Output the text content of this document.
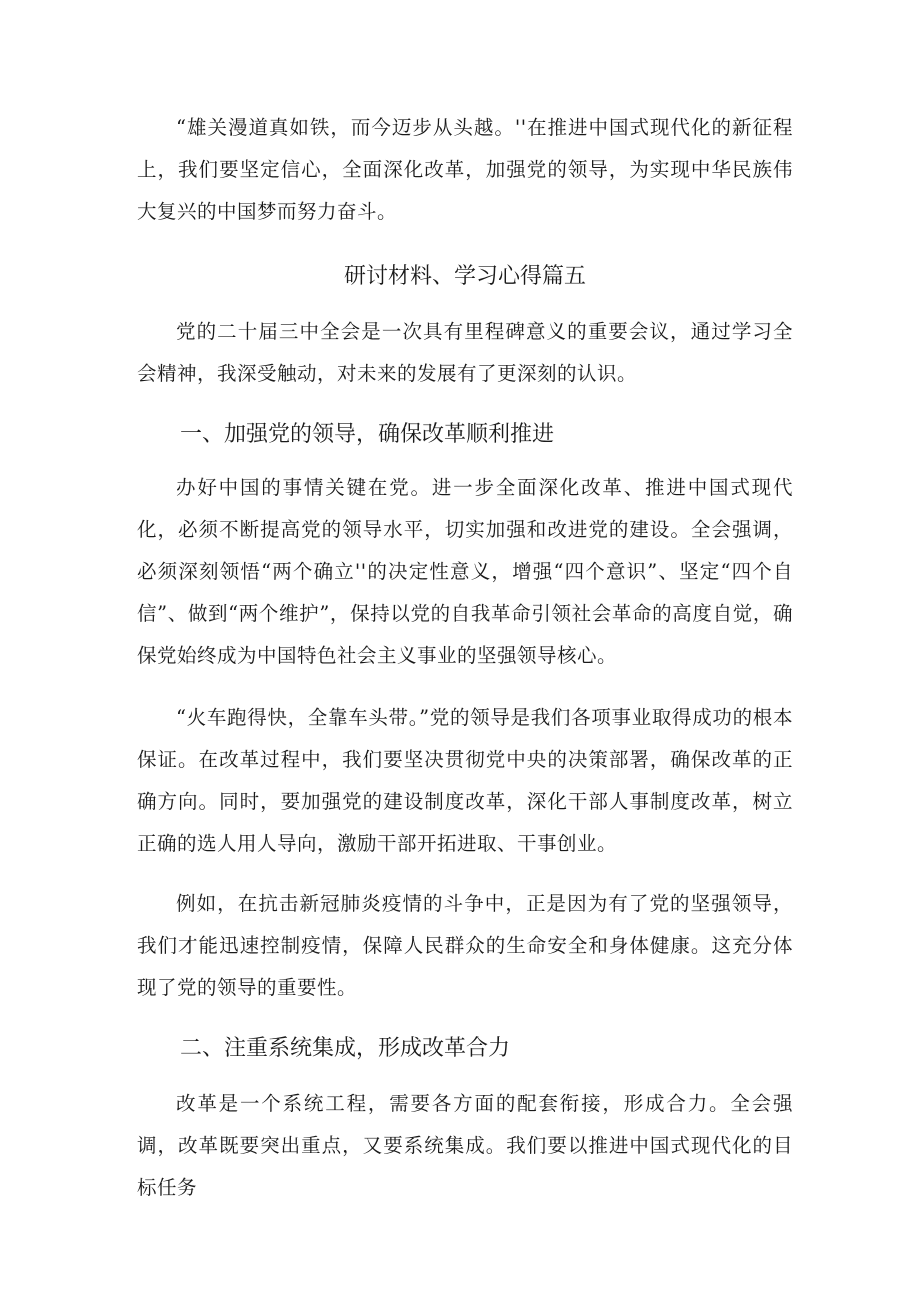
“雄关漫道真如铁，而今迈步从头越。''在推进中国式现代化的新征程上，我们要坚定信心，全面深化改革，加强党的领导，为实现中华民族伟大复兴的中国梦而努力奋斗。

研讨材料、学习心得篇五

党的二十届三中全会是一次具有里程碑意义的重要会议，通过学习全会精神，我深受触动，对未来的发展有了更深刻的认识。

一、加强党的领导，确保改革顺利推进

办好中国的事情关键在党。进一步全面深化改革、推进中国式现代化，必须不断提高党的领导水平，切实加强和改进党的建设。全会强调，必须深刻领悟“两个确立''的决定性意义，增强“四个意识”、坚定“四个自信”、做到“两个维护”，保持以党的自我革命引领社会革命的高度自觉，确保党始终成为中国特色社会主义事业的坚强领导核心。

“火车跑得快，全靠车头带。”党的领导是我们各项事业取得成功的根本保证。在改革过程中，我们要坚决贯彻党中央的决策部署，确保改革的正确方向。同时，要加强党的建设制度改革，深化干部人事制度改革，树立正确的选人用人导向，激励干部开拓进取、干事创业。

例如，在抗击新冠肺炎疫情的斗争中，正是因为有了党的坚强领导，我们才能迅速控制疫情，保障人民群众的生命安全和身体健康。这充分体现了党的领导的重要性。

二、注重系统集成，形成改革合力

改革是一个系统工程，需要各方面的配套衔接，形成合力。全会强调，改革既要突出重点，又要系统集成。我们要以推进中国式现代化的目标任务
